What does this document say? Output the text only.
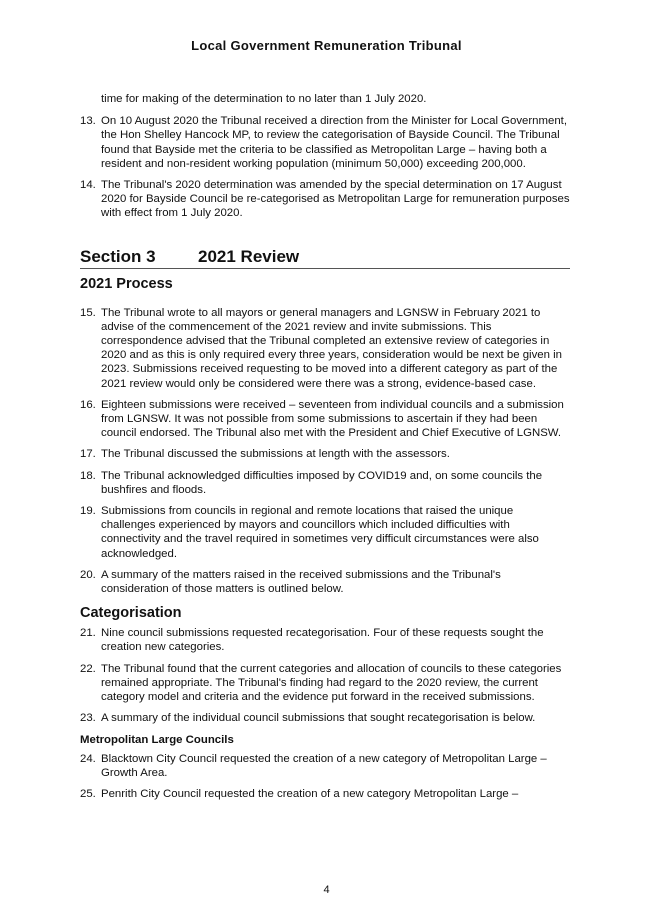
Local Government Remuneration Tribunal

time for making of the determination to no later than 1 July 2020.

13. On 10 August 2020 the Tribunal received a direction from the Minister for Local Government, the Hon Shelley Hancock MP, to review the categorisation of Bayside Council. The Tribunal found that Bayside met the criteria to be classified as Metropolitan Large – having both a resident and non-resident working population (minimum 50,000) exceeding 200,000.
14. The Tribunal's 2020 determination was amended by the special determination on 17 August 2020 for Bayside Council be re-categorised as Metropolitan Large for remuneration purposes with effect from 1 July 2020.
Section 3	2021 Review
2021 Process
15. The Tribunal wrote to all mayors or general managers and LGNSW in February 2021 to advise of the commencement of the 2021 review and invite submissions. This correspondence advised that the Tribunal completed an extensive review of categories in 2020 and as this is only required every three years, consideration would be next be given in 2023. Submissions received requesting to be moved into a different category as part of the 2021 review would only be considered were there was a strong, evidence-based case.
16. Eighteen submissions were received – seventeen from individual councils and a submission from LGNSW. It was not possible from some submissions to ascertain if they had been council endorsed. The Tribunal also met with the President and Chief Executive of LGNSW.
17. The Tribunal discussed the submissions at length with the assessors.
18. The Tribunal acknowledged difficulties imposed by COVID19 and, on some councils the bushfires and floods.
19. Submissions from councils in regional and remote locations that raised the unique challenges experienced by mayors and councillors which included difficulties with connectivity and the travel required in sometimes very difficult circumstances were also acknowledged.
20. A summary of the matters raised in the received submissions and the Tribunal's consideration of those matters is outlined below.
Categorisation
21. Nine council submissions requested recategorisation. Four of these requests sought the creation new categories.
22. The Tribunal found that the current categories and allocation of councils to these categories remained appropriate. The Tribunal's finding had regard to the 2020 review, the current category model and criteria and the evidence put forward in the received submissions.
23. A summary of the individual council submissions that sought recategorisation is below.
Metropolitan Large Councils
24. Blacktown City Council requested the creation of a new category of Metropolitan Large – Growth Area.
25. Penrith City Council requested the creation of a new category Metropolitan Large –
4
